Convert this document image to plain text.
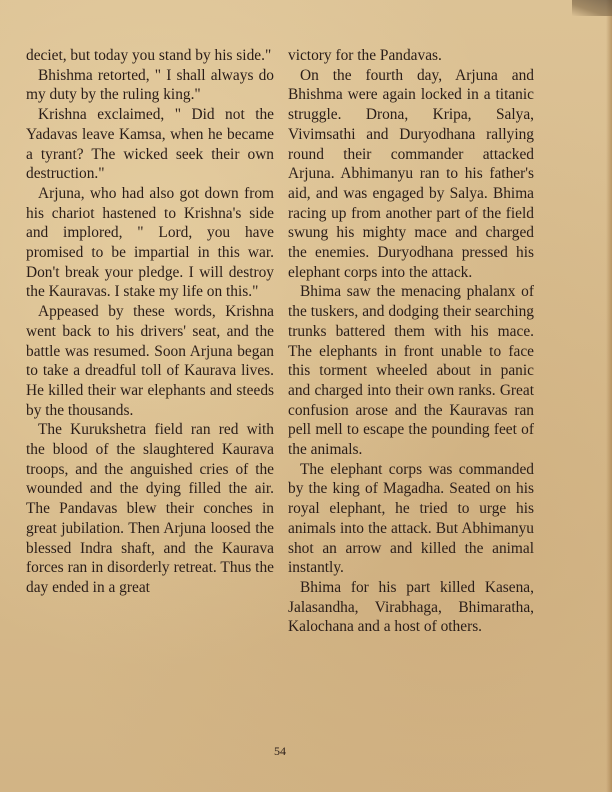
deciet, but today you stand by his side."

Bhishma retorted, " I shall always do my duty by the ruling king."

Krishna exclaimed, " Did not the Yadavas leave Kamsa, when he became a tyrant? The wicked seek their own destruction."

Arjuna, who had also got down from his chariot hastened to Krishna's side and implored, " Lord, you have promised to be impartial in this war. Don't break your pledge. I will destroy the Kauravas. I stake my life on this."

Appeased by these words, Krishna went back to his drivers' seat, and the battle was resumed. Soon Arjuna began to take a dreadful toll of Kaurava lives. He killed their war elephants and steeds by the thousands.

The Kurukshetra field ran red with the blood of the slaughtered Kaurava troops, and the anguished cries of the wounded and the dying filled the air. The Pandavas blew their conches in great jubilation. Then Arjuna loosed the blessed Indra shaft, and the Kaurava forces ran in disorderly retreat. Thus the day ended in a great

victory for the Pandavas.

On the fourth day, Arjuna and Bhishma were again locked in a titanic struggle. Drona, Kripa, Salya, Vivimsathi and Duryodhana rallying round their commander attacked Arjuna. Abhimanyu ran to his father's aid, and was engaged by Salya. Bhima racing up from another part of the field swung his mighty mace and charged the enemies. Duryodhana pressed his elephant corps into the attack.

Bhima saw the menacing phalanx of the tuskers, and dodging their searching trunks battered them with his mace. The elephants in front unable to face this torment wheeled about in panic and charged into their own ranks. Great confusion arose and the Kauravas ran pell mell to escape the pounding feet of the animals.

The elephant corps was commanded by the king of Magadha. Seated on his royal elephant, he tried to urge his animals into the attack. But Abhimanyu shot an arrow and killed the animal instantly.

Bhima for his part killed Kasena, Jalasandha, Virabhaga, Bhimaratha, Kalochana and a host of others.

54
